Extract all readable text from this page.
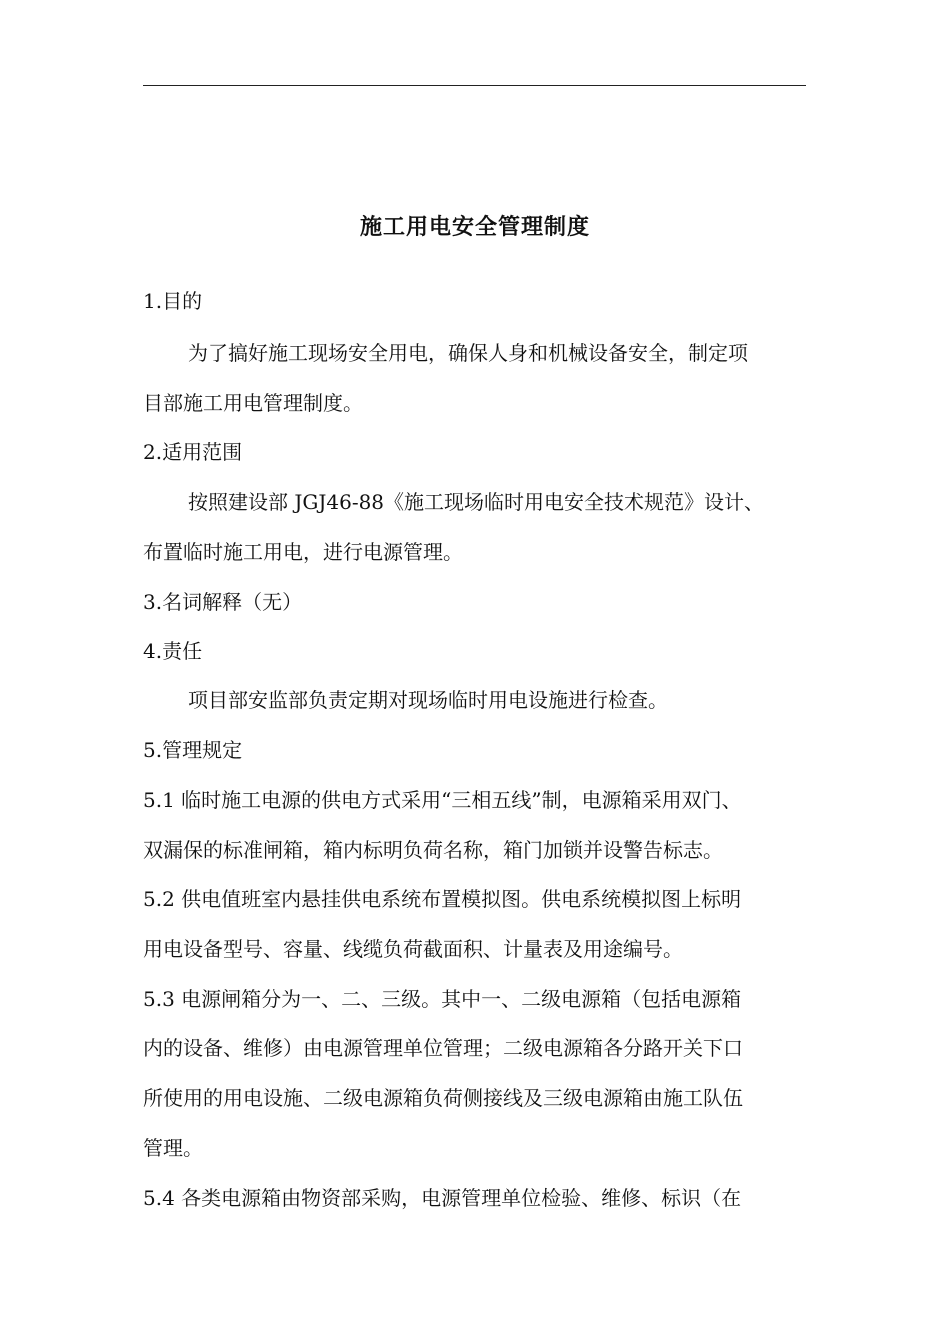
施工用电安全管理制度
1.目的
为了搞好施工现场安全用电，确保人身和机械设备安全，制定项
目部施工用电管理制度。
2.适用范围
按照建设部 JGJ46-88《施工现场临时用电安全技术规范》设计、
布置临时施工用电，进行电源管理。
3.名词解释（无）
4.责任
项目部安监部负责定期对现场临时用电设施进行检查。
5.管理规定
5.1 临时施工电源的供电方式采用“三相五线”制，电源箱采用双门、
双漏保的标准闸箱，箱内标明负荷名称，箱门加锁并设警告标志。
5.2 供电值班室内悬挂供电系统布置模拟图。供电系统模拟图上标明
用电设备型号、容量、线缆负荷截面积、计量表及用途编号。
5.3 电源闸箱分为一、二、三级。其中一、二级电源箱（包括电源箱
内的设备、维修）由电源管理单位管理；二级电源箱各分路开关下口
所使用的用电设施、二级电源箱负荷侧接线及三级电源箱由施工队伍
管理。
5.4 各类电源箱由物资部采购，电源管理单位检验、维修、标识（在
